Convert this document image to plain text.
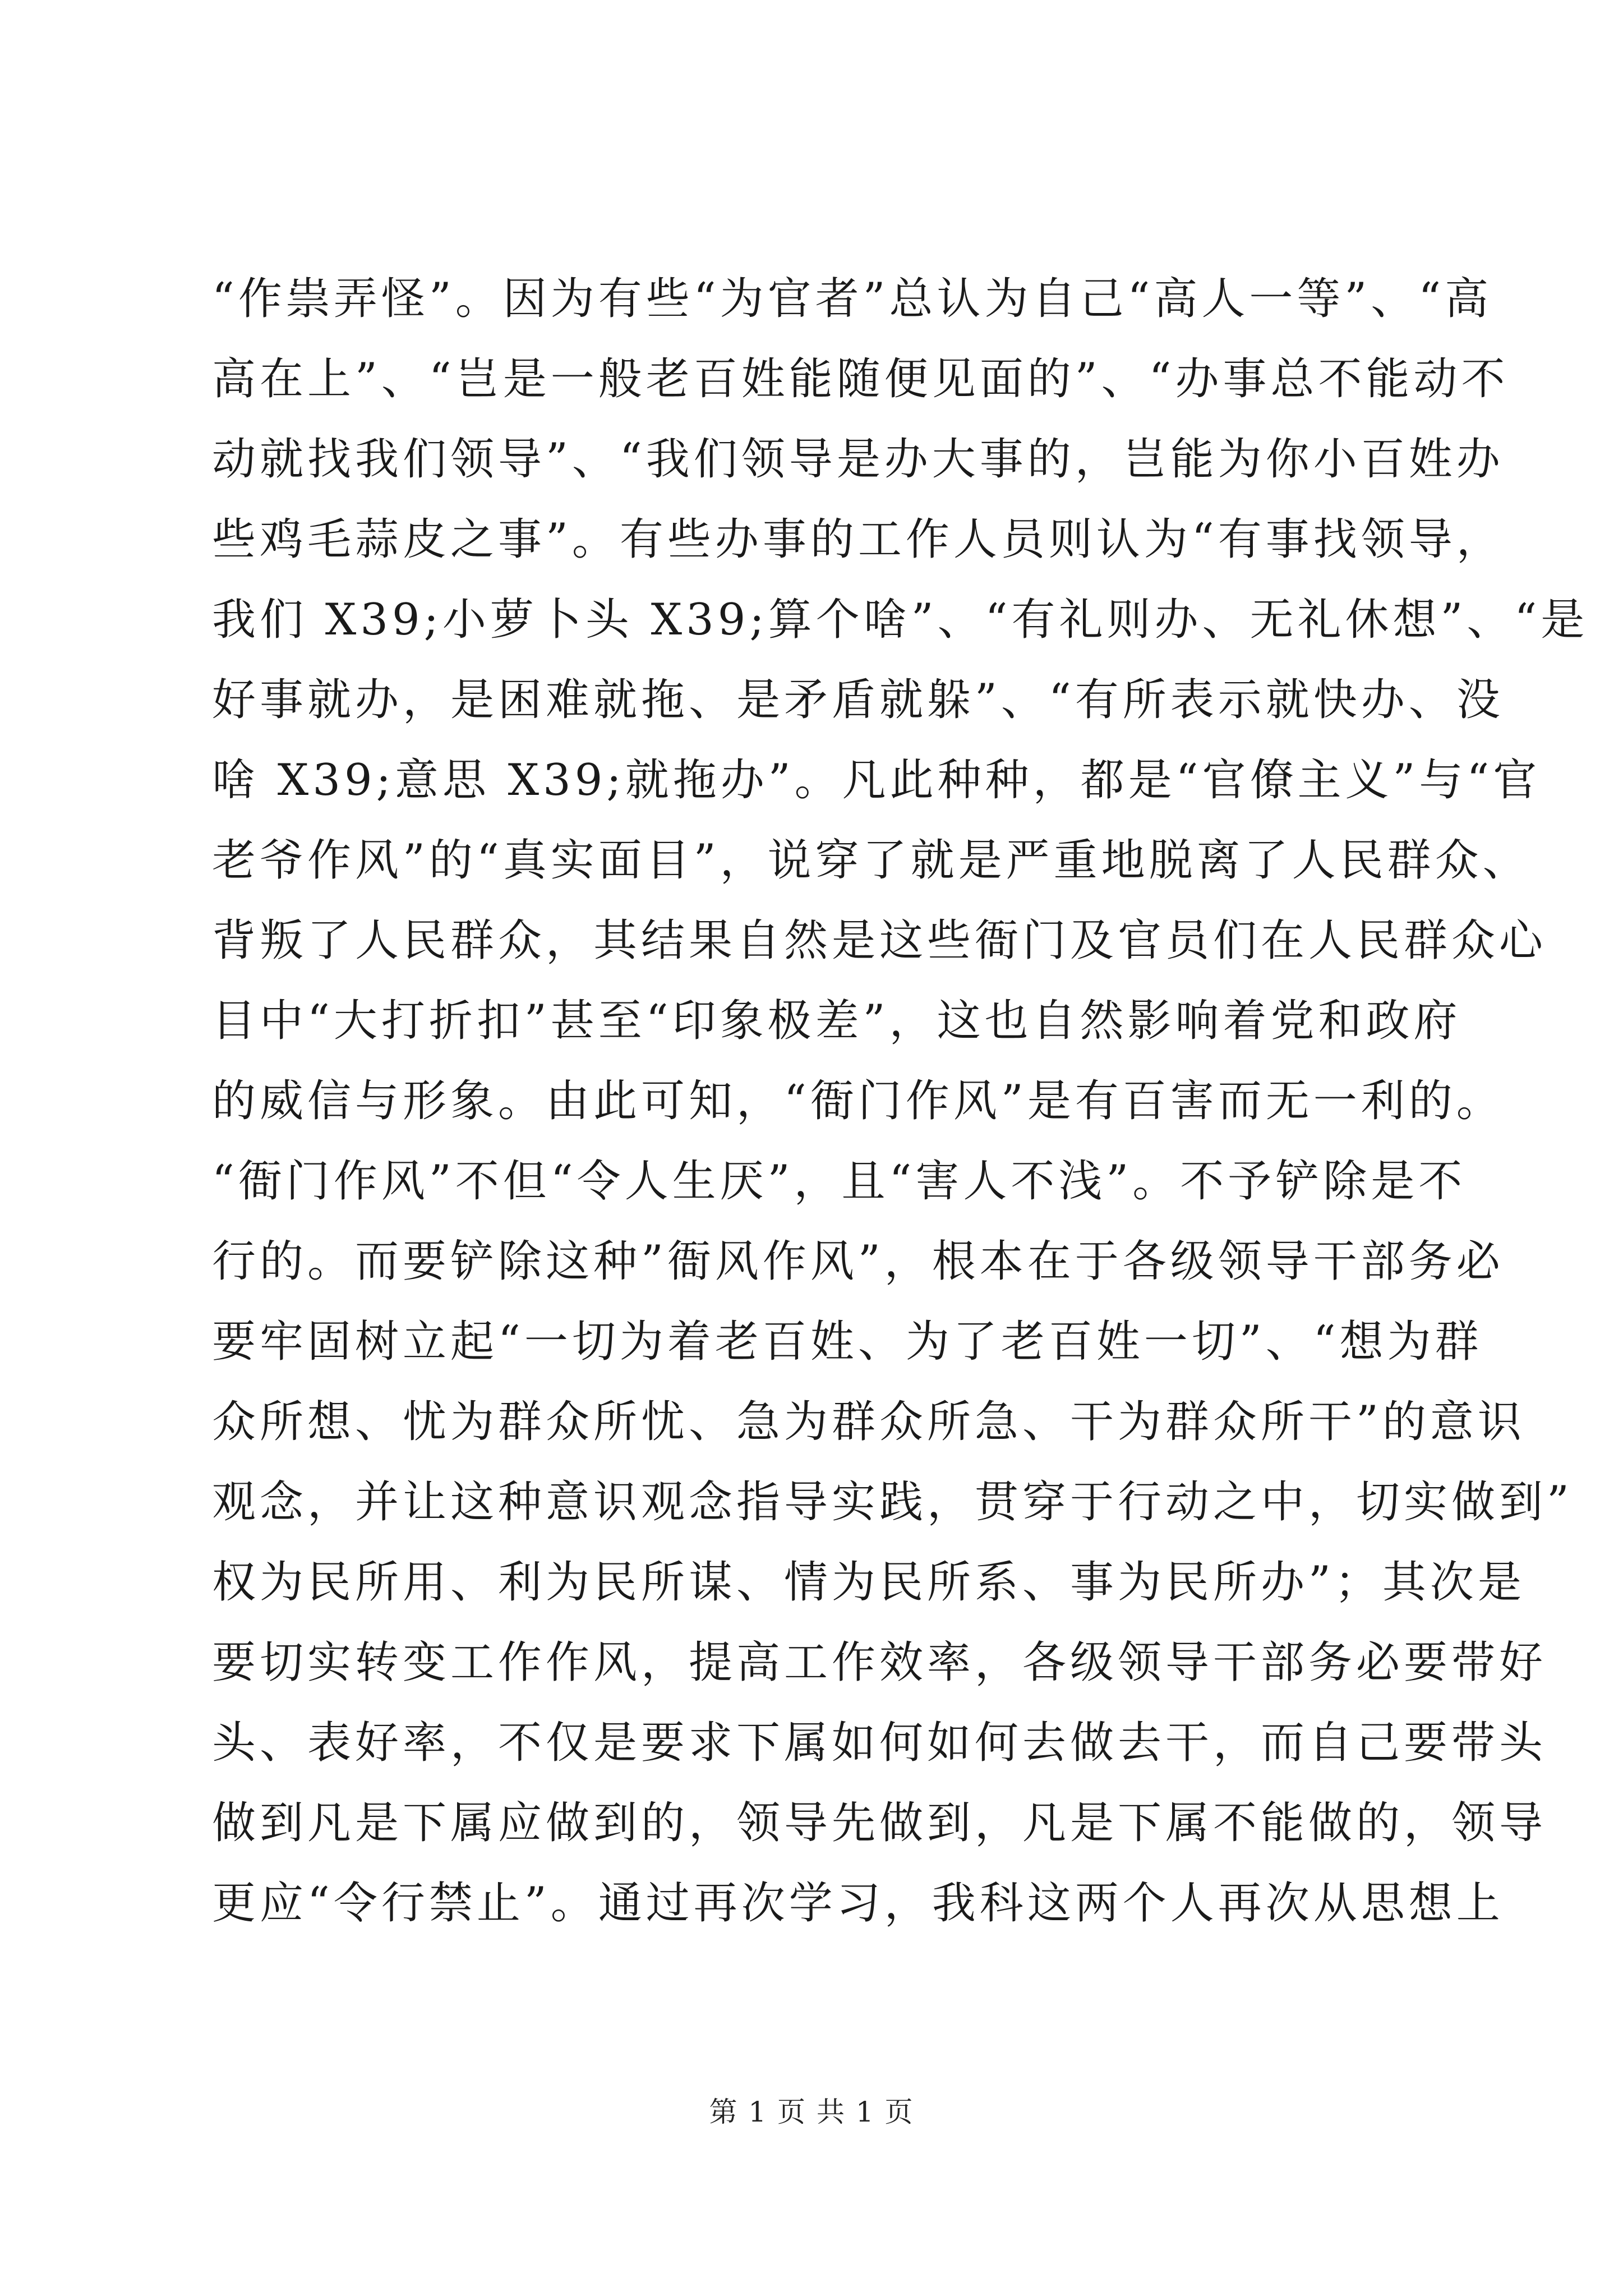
“作祟弄怪”。因为有些“为官者”总认为自己“高人一等”、“高
高在上”、“岂是一般老百姓能随便见面的”、“办事总不能动不
动就找我们领导”、“我们领导是办大事的，岂能为你小百姓办
些鸡毛蒜皮之事”。有些办事的工作人员则认为“有事找领导，
我们 X39;小萝卜头 X39;算个啥”、“有礼则办、无礼休想”、“是
好事就办，是困难就拖、是矛盾就躲”、“有所表示就快办、没
啥 X39;意思 X39;就拖办”。凡此种种，都是“官僚主义”与“官
老爷作风”的“真实面目”，说穿了就是严重地脱离了人民群众、
背叛了人民群众，其结果自然是这些衙门及官员们在人民群众心
目中“大打折扣”甚至“印象极差”，这也自然影响着党和政府
的威信与形象。由此可知，“衙门作风”是有百害而无一利的。
“衙门作风”不但“令人生厌”，且“害人不浅”。不予铲除是不
行的。而要铲除这种”衙风作风”，根本在于各级领导干部务必
要牢固树立起“一切为着老百姓、为了老百姓一切”、“想为群
众所想、忧为群众所忧、急为群众所急、干为群众所干”的意识
观念，并让这种意识观念指导实践，贯穿于行动之中，切实做到”
权为民所用、利为民所谋、情为民所系、事为民所办”；其次是
要切实转变工作作风，提高工作效率，各级领导干部务必要带好
头、表好率，不仅是要求下属如何如何去做去干，而自己要带头
做到凡是下属应做到的，领导先做到，凡是下属不能做的，领导
更应“令行禁止”。通过再次学习，我科这两个人再次从思想上
第 1 页 共 1 页
